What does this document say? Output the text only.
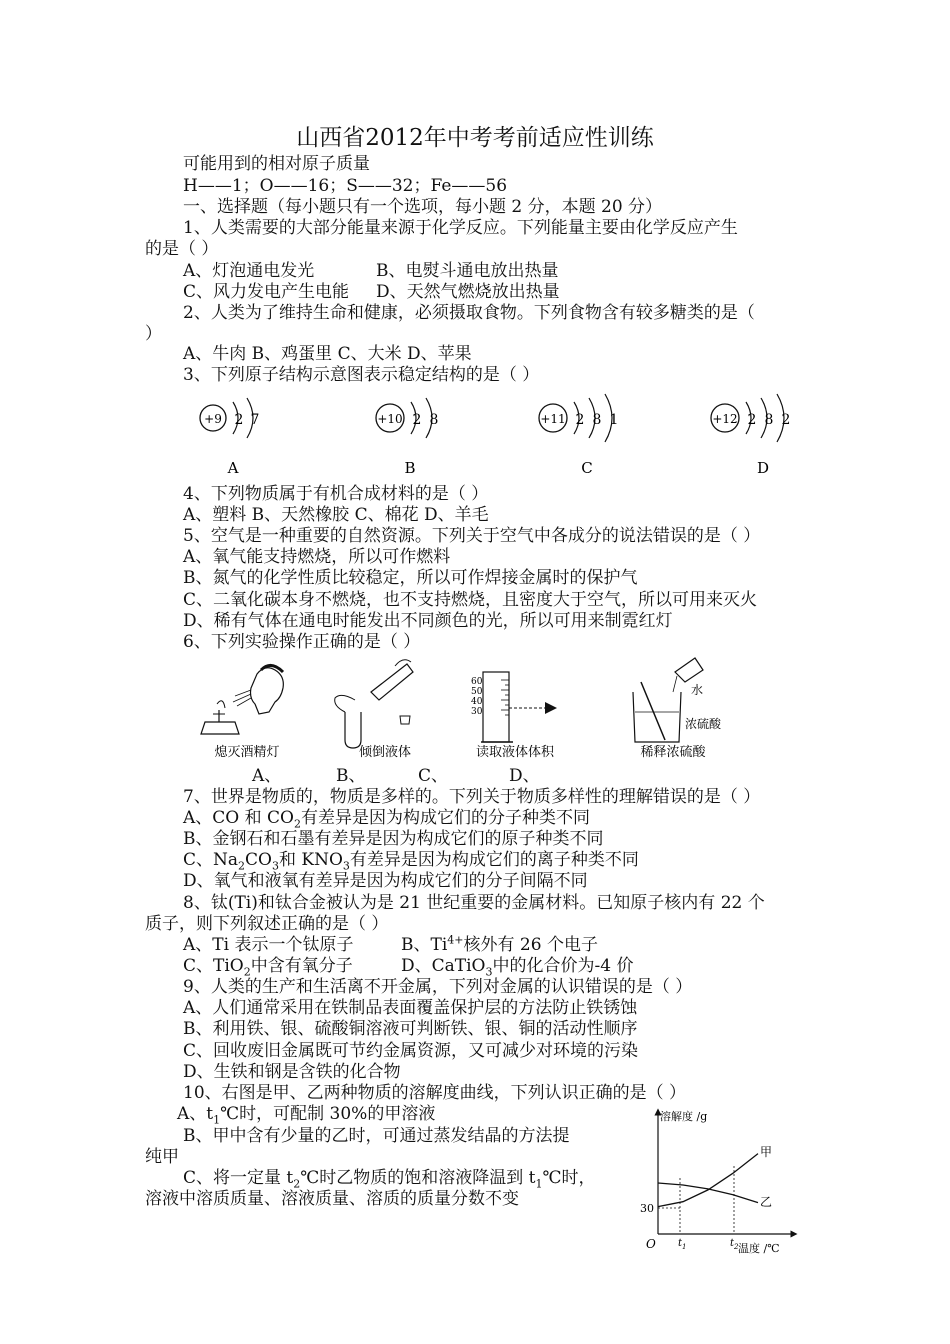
山西省2012年中考考前适应性训练
可能用到的相对原子质量
H——1；O——16；S——32；Fe——56
一、选择题（每小题只有一个选项，每小题 2 分，本题 20 分）
1、人类需要的大部分能量来源于化学反应。下列能量主要由化学反应产生
的是（ ）
A、灯泡通电发光	B、电熨斗通电放出热量
C、风力发电产生电能 D、天然气燃烧放出热量
2、人类为了维持生命和健康，必须摄取食物。下列食物含有较多糖类的是（
）
A、牛肉 B、鸡蛋里 C、大米 D、苹果
3、下列原子结构示意图表示稳定结构的是（ ）
+9 2 7
A
+10 2 8
B
+11 2 8 1
C
+12 2 8 2
D
4、下列物质属于有机合成材料的是（ ）
A、塑料 B、天然橡胶 C、棉花 D、羊毛
5、空气是一种重要的自然资源。下列关于空气中各成分的说法错误的是（ ）
A、氧气能支持燃烧，所以可作燃料
B、氮气的化学性质比较稳定，所以可作焊接金属时的保护气
C、二氧化碳本身不燃烧，也不支持燃烧，且密度大于空气，所以可用来灭火
D、稀有气体在通电时能发出不同颜色的光，所以可用来制霓红灯
6、下列实验操作正确的是（ ）
熄灭酒精灯	倾倒液体
60
50
40
30
读取液体体积
水
浓硫酸
稀释浓硫酸
A、	B、	C、	D、
7、世界是物质的，物质是多样的。下列关于物质多样性的理解错误的是（ ）
A、CO 和 $CO_2$有差异是因为构成它们的分子种类不同
B、金钢石和石墨有差异是因为构成它们的原子种类不同
C、$Na_2CO_3$和 $KNO_3$有差异是因为构成它们的离子种类不同
D、氧气和液氧有差异是因为构成它们的分子间隔不同
8、钛(Ti)和钛合金被认为是 21 世纪重要的金属材料。已知原子核内有 22 个
质子，则下列叙述正确的是（ ）
A、Ti 表示一个钛原子	B、$Ti^{4+}$核外有 26 个电子
C、TiO$_2$中含有氧分子	D、CaTiO$_3$中的化合价为-4 价
9、人类的生产和生活离不开金属，下列对金属的认识错误的是（ ）
A、人们通常采用在铁制品表面覆盖保护层的方法防止铁锈蚀
B、利用铁、银、硫酸铜溶液可判断铁、银、铜的活动性顺序
C、回收废旧金属既可节约金属资源，又可减少对环境的污染
D、生铁和钢是含铁的化合物
10、右图是甲、乙两种物质的溶解度曲线，下列认识正确的是（ ）
A、$t_1℃$时，可配制 30%的甲溶液
B、甲中含有少量的乙时，可通过蒸发结晶的方法提
纯甲
C、将一定量 $t_2℃$时乙物质的饱和溶液降温到 $t_1℃$时，
溶液中溶质质量、溶液质量、溶质的质量分数不变
溶解度 /g
温度 /℃
O
30
$t_1$	$t_2$
甲
乙
